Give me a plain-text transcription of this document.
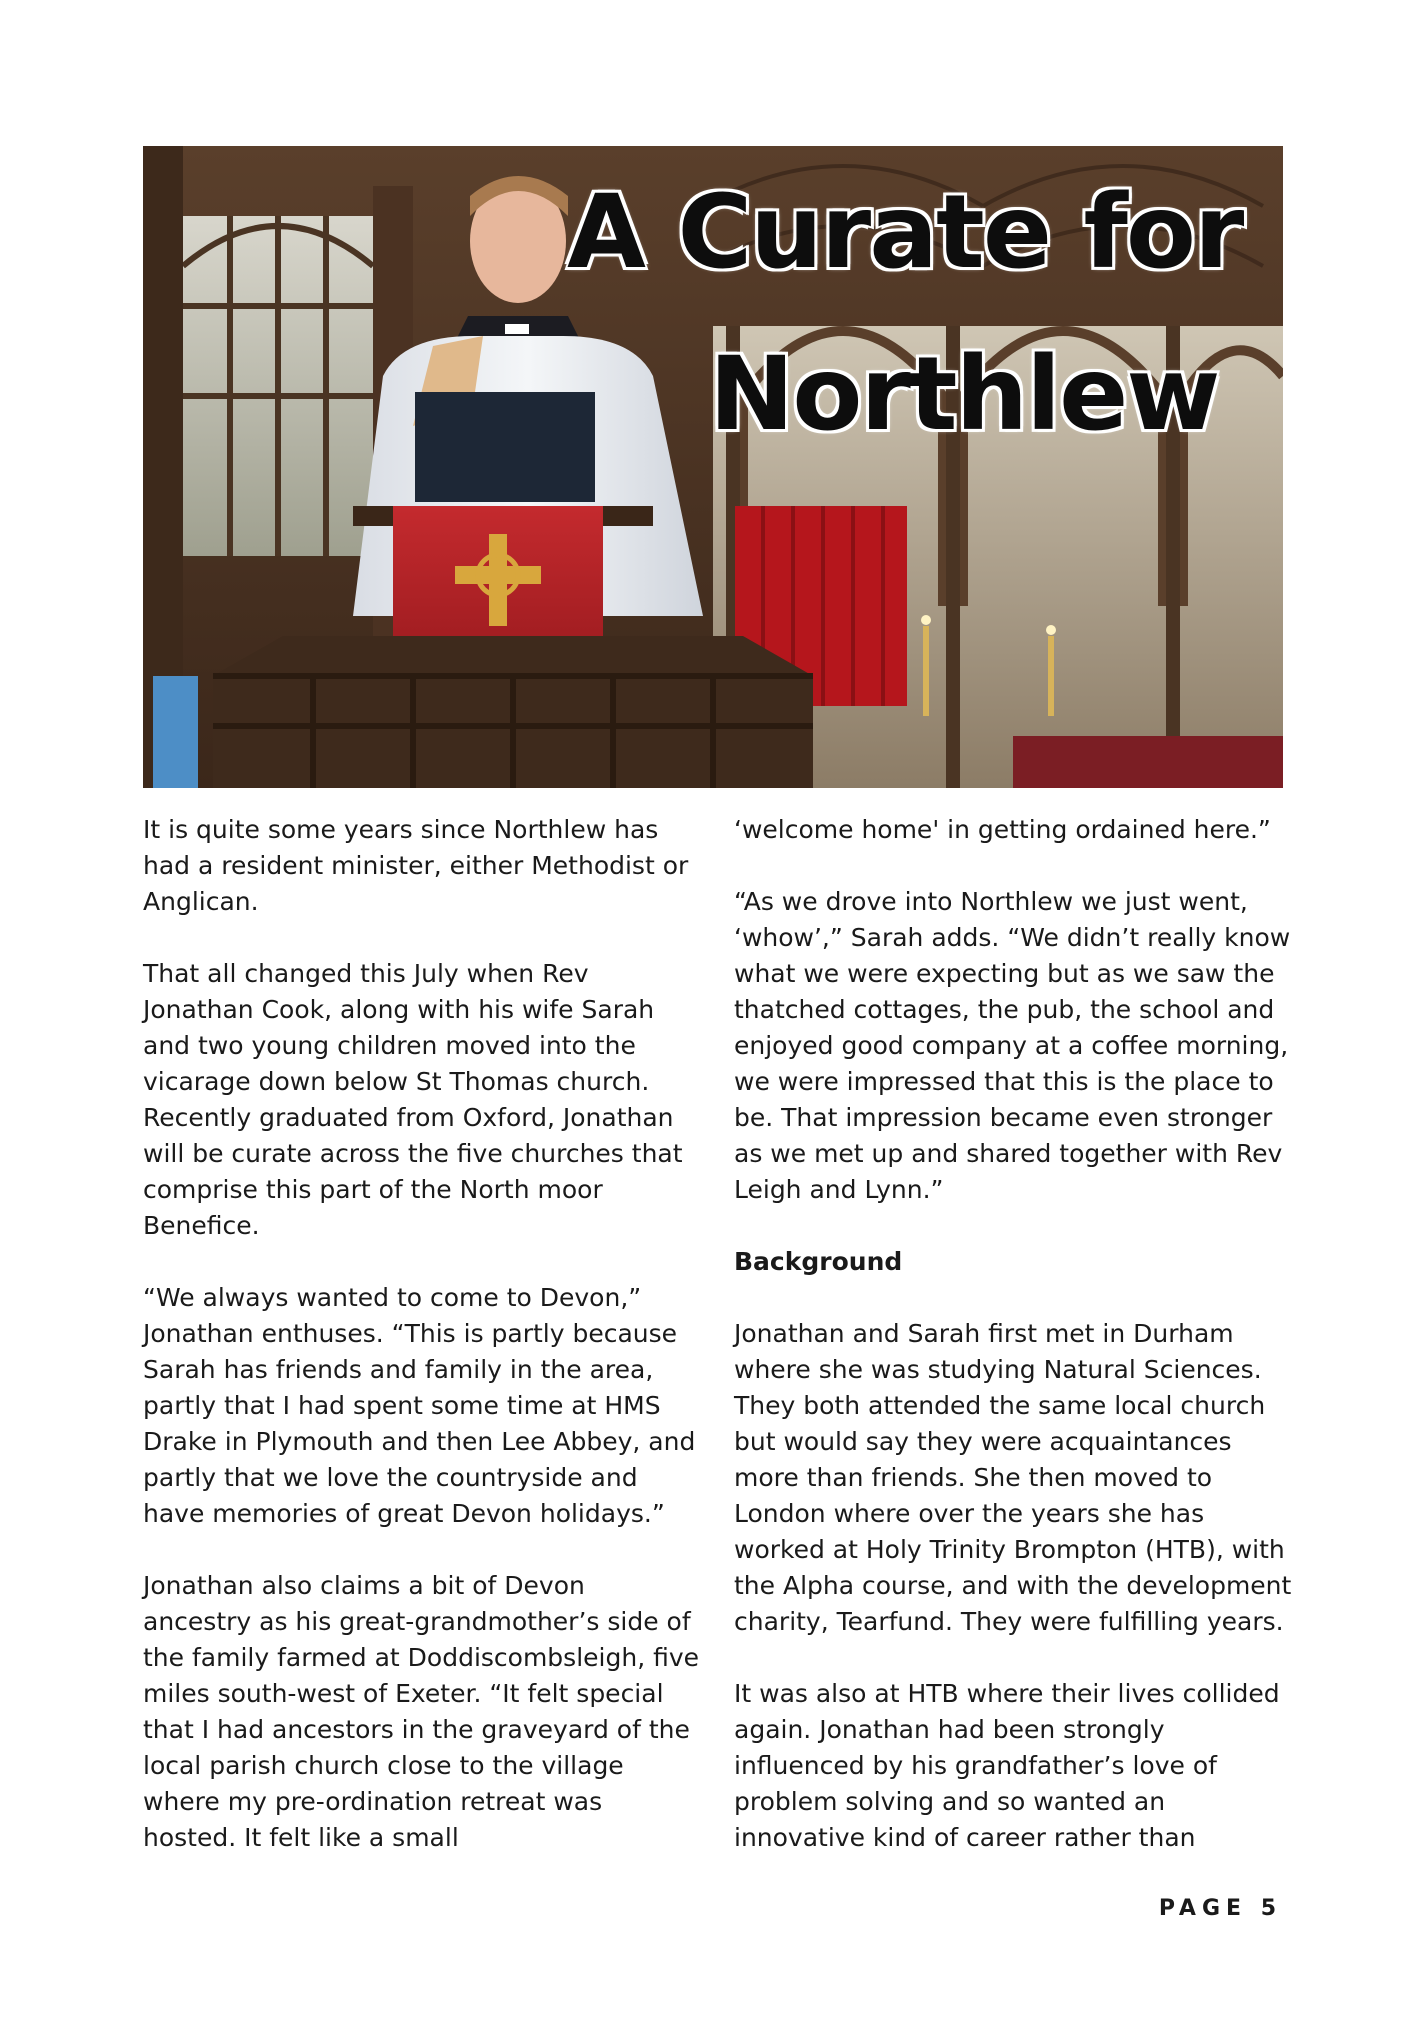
A Curate for
Northlew

It is quite some years since Northlew has had a resident minister, either Methodist or Anglican.

That all changed this July when Rev Jonathan Cook, along with his wife Sarah and two young children moved into the vicarage down below St Thomas church. Recently graduated from Oxford, Jonathan will be curate across the five churches that comprise this part of the North moor Benefice.

“We always wanted to come to Devon,” Jonathan enthuses. “This is partly because Sarah has friends and family in the area, partly that I had spent some time at HMS Drake in Plymouth and then Lee Abbey, and partly that we love the countryside and have memories of great Devon holidays.”

Jonathan also claims a bit of Devon ancestry as his great-grandmother’s side of the family farmed at Doddiscombsleigh, five miles south-west of Exeter. “It felt special that I had ancestors in the graveyard of the local parish church close to the village where my pre-ordination retreat was hosted. It felt like a small

‘welcome home' in getting ordained here.”

“As we drove into Northlew we just went, ‘whow’,” Sarah adds. “We didn’t really know what we were expecting but as we saw the thatched cottages, the pub, the school and enjoyed good company at a coffee morning, we were impressed that this is the place to be. That impression became even stronger as we met up and shared together with Rev Leigh and Lynn.”

Background

Jonathan and Sarah first met in Durham where she was studying Natural Sciences. They both attended the same local church but would say they were acquaintances more than friends. She then moved to London where over the years she has worked at Holy Trinity Brompton (HTB), with the Alpha course, and with the development charity, Tearfund. They were fulfilling years.

It was also at HTB where their lives collided again. Jonathan had been strongly influenced by his grandfather’s love of problem solving and so wanted an innovative kind of career rather than

PAGE 5
